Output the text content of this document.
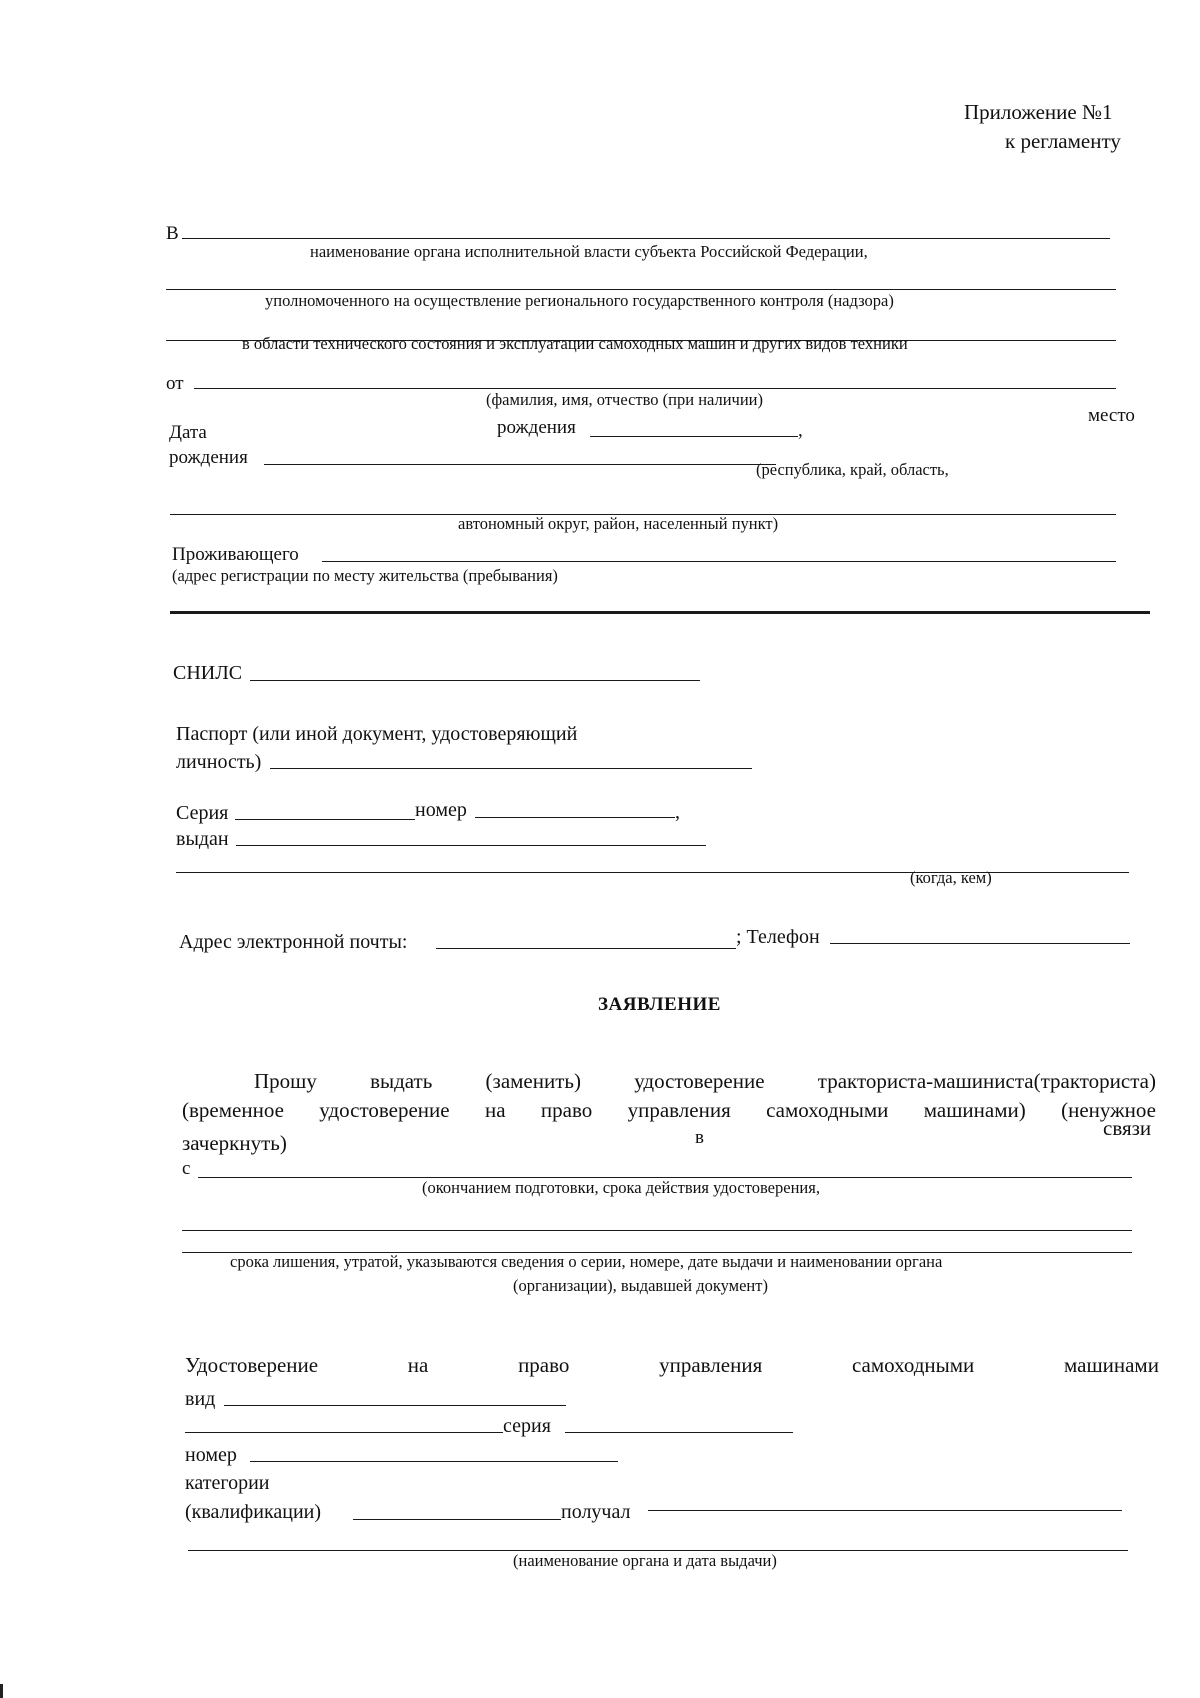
Приложение №1
к регламенту
В
наименование органа исполнительной власти субъекта Российской Федерации,
уполномоченного на осуществление регионального государственного контроля (надзора)
в области технического состояния и эксплуатации самоходных машин и других видов техники
от
(фамилия, имя, отчество (при наличии)
Дата	рождения	,
место
рождения
(республика, край, область,
автономный округ, район, населенный пункт)
Проживающего
(адрес регистрации по месту жительства (пребывания)
СНИЛС
Паспорт (или иной документ, удостоверяющий
личность)
Серия	номер	,
выдан
(когда, кем)
Адрес электронной почты:	; Телефон
ЗАЯВЛЕНИЕ
Прошу	выдать	(заменить)	удостоверение	тракториста-машиниста(тракториста)
(временное удостоверение на право управления самоходными машинами) (ненужное
зачеркнуть)	в	связи
с
(окончанием подготовки, срока действия удостоверения,
срока лишения, утратой, указываются сведения о серии, номере, дате выдачи и наименовании органа
(организации), выдавшей документ)
Удостоверение	на	право	управления	самоходными	машинами
вид
серия
номер
категории
(квалификации)	получал
(наименование органа и дата выдачи)
